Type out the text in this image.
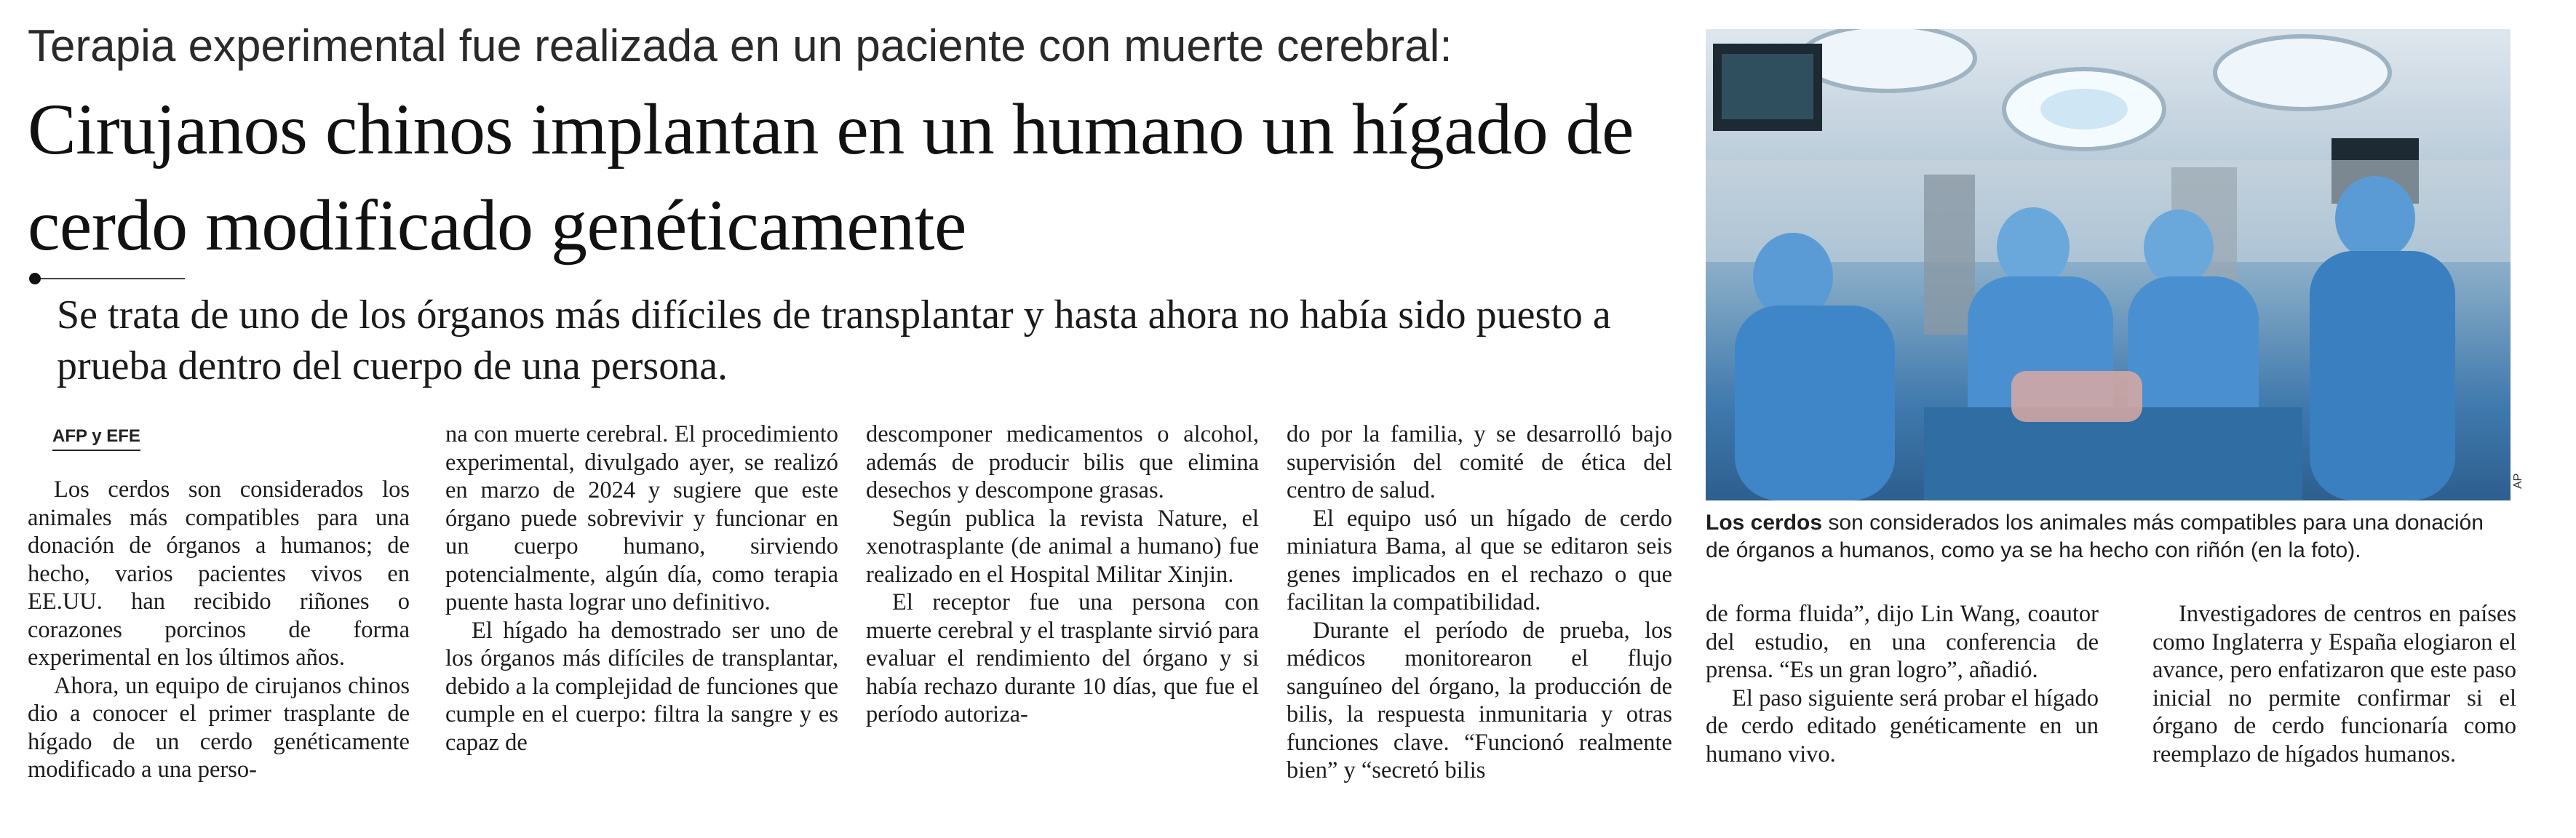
Terapia experimental fue realizada en un paciente con muerte cerebral:
Cirujanos chinos implantan en un humano un hígado de cerdo modificado genéticamente
Se trata de uno de los órganos más difíciles de transplantar y hasta ahora no había sido puesto a prueba dentro del cuerpo de una persona.
AFP y EFE

Los cerdos son considerados los animales más compatibles para una donación de órganos a humanos; de hecho, varios pacientes vivos en EE.UU. han recibido riñones o corazones porcinos de forma experimental en los últimos años.

Ahora, un equipo de cirujanos chinos dio a conocer el primer trasplante de hígado de un cerdo genéticamente modificado a una perso-

na con muerte cerebral. El procedimiento experimental, divulgado ayer, se realizó en marzo de 2024 y sugiere que este órgano puede sobrevivir y funcionar en un cuerpo humano, sirviendo potencialmente, algún día, como terapia puente hasta lograr uno definitivo.

El hígado ha demostrado ser uno de los órganos más difíciles de transplantar, debido a la complejidad de funciones que cumple en el cuerpo: filtra la sangre y es capaz de

descomponer medicamentos o alcohol, además de producir bilis que elimina desechos y descompone grasas.

Según publica la revista Nature, el xenotrasplante (de animal a humano) fue realizado en el Hospital Militar Xinjin.

El receptor fue una persona con muerte cerebral y el trasplante sirvió para evaluar el rendimiento del órgano y si había rechazo durante 10 días, que fue el período autoriza-

do por la familia, y se desarrolló bajo supervisión del comité de ética del centro de salud.

El equipo usó un hígado de cerdo miniatura Bama, al que se editaron seis genes implicados en el rechazo o que facilitan la compatibilidad.

Durante el período de prueba, los médicos monitorearon el flujo sanguíneo del órgano, la producción de bilis, la respuesta inmunitaria y otras funciones clave. “Funcionó realmente bien” y “secretó bilis

de forma fluida”, dijo Lin Wang, coautor del estudio, en una conferencia de prensa. “Es un gran logro”, añadió.

El paso siguiente será probar el hígado de cerdo editado genéticamente en un humano vivo.

Investigadores de centros en países como Inglaterra y España elogiaron el avance, pero enfatizaron que este paso inicial no permite confirmar si el órgano de cerdo funcionaría como reemplazo de hígados humanos.

AP
Los cerdos son considerados los animales más compatibles para una donación de órganos a humanos, como ya se ha hecho con riñón (en la foto).
